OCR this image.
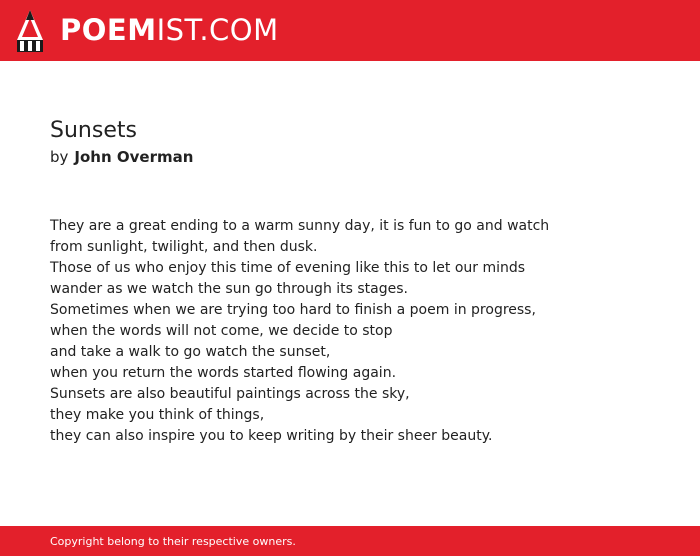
POEMIST.COM
Sunsets
by John Overman
They are a great ending to a warm sunny day, it is fun to go and watch
from sunlight, twilight, and then dusk.
Those of us who enjoy this time of evening like this to let our minds
wander as we watch the sun go through its stages.
Sometimes when we are trying too hard to finish a poem in progress,
when the words will not come, we decide to stop
and take a walk to go watch the sunset,
when you return the words started flowing again.
Sunsets are also beautiful paintings across the sky,
they make you think of things,
they can also inspire you to keep writing by their sheer beauty.
Copyright belong to their respective owners.
